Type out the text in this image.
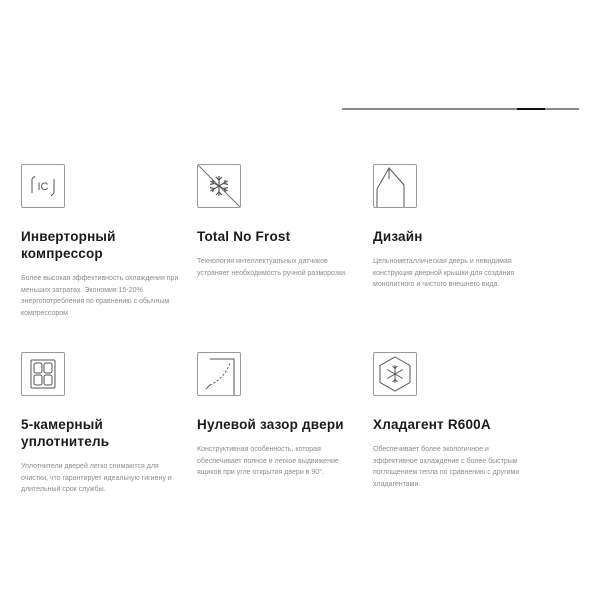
IC
Инверторный компрессор
Более высокая эффективность охлаждения при меньших затратах. Экономия 15-20% энергопотребления по сравнению с обычным компрессором
Total No Frost
Технология интеллектуальных датчиков устраняет необходимость ручной разморозки.
Дизайн
Цельнометаллическая дверь и невидимая конструкция дверной крышки для создания монолитного и чистого внешнего вида.
5-камерный уплотнитель
Уплотнители дверей легко снимаются для очистки, что гарантирует идеальную гигиену и длительный срок службы.
Нулевой зазор двери
Конструктивная особенность, которая обеспечивает полное и легкое выдвижение ящиков при угле открытия двери в 90°.
Хладагент R600A
Обеспечивает более экологичное и эффективное охлаждение с более быстрым поглощением тепла по сравнению с другими хладагентами.
